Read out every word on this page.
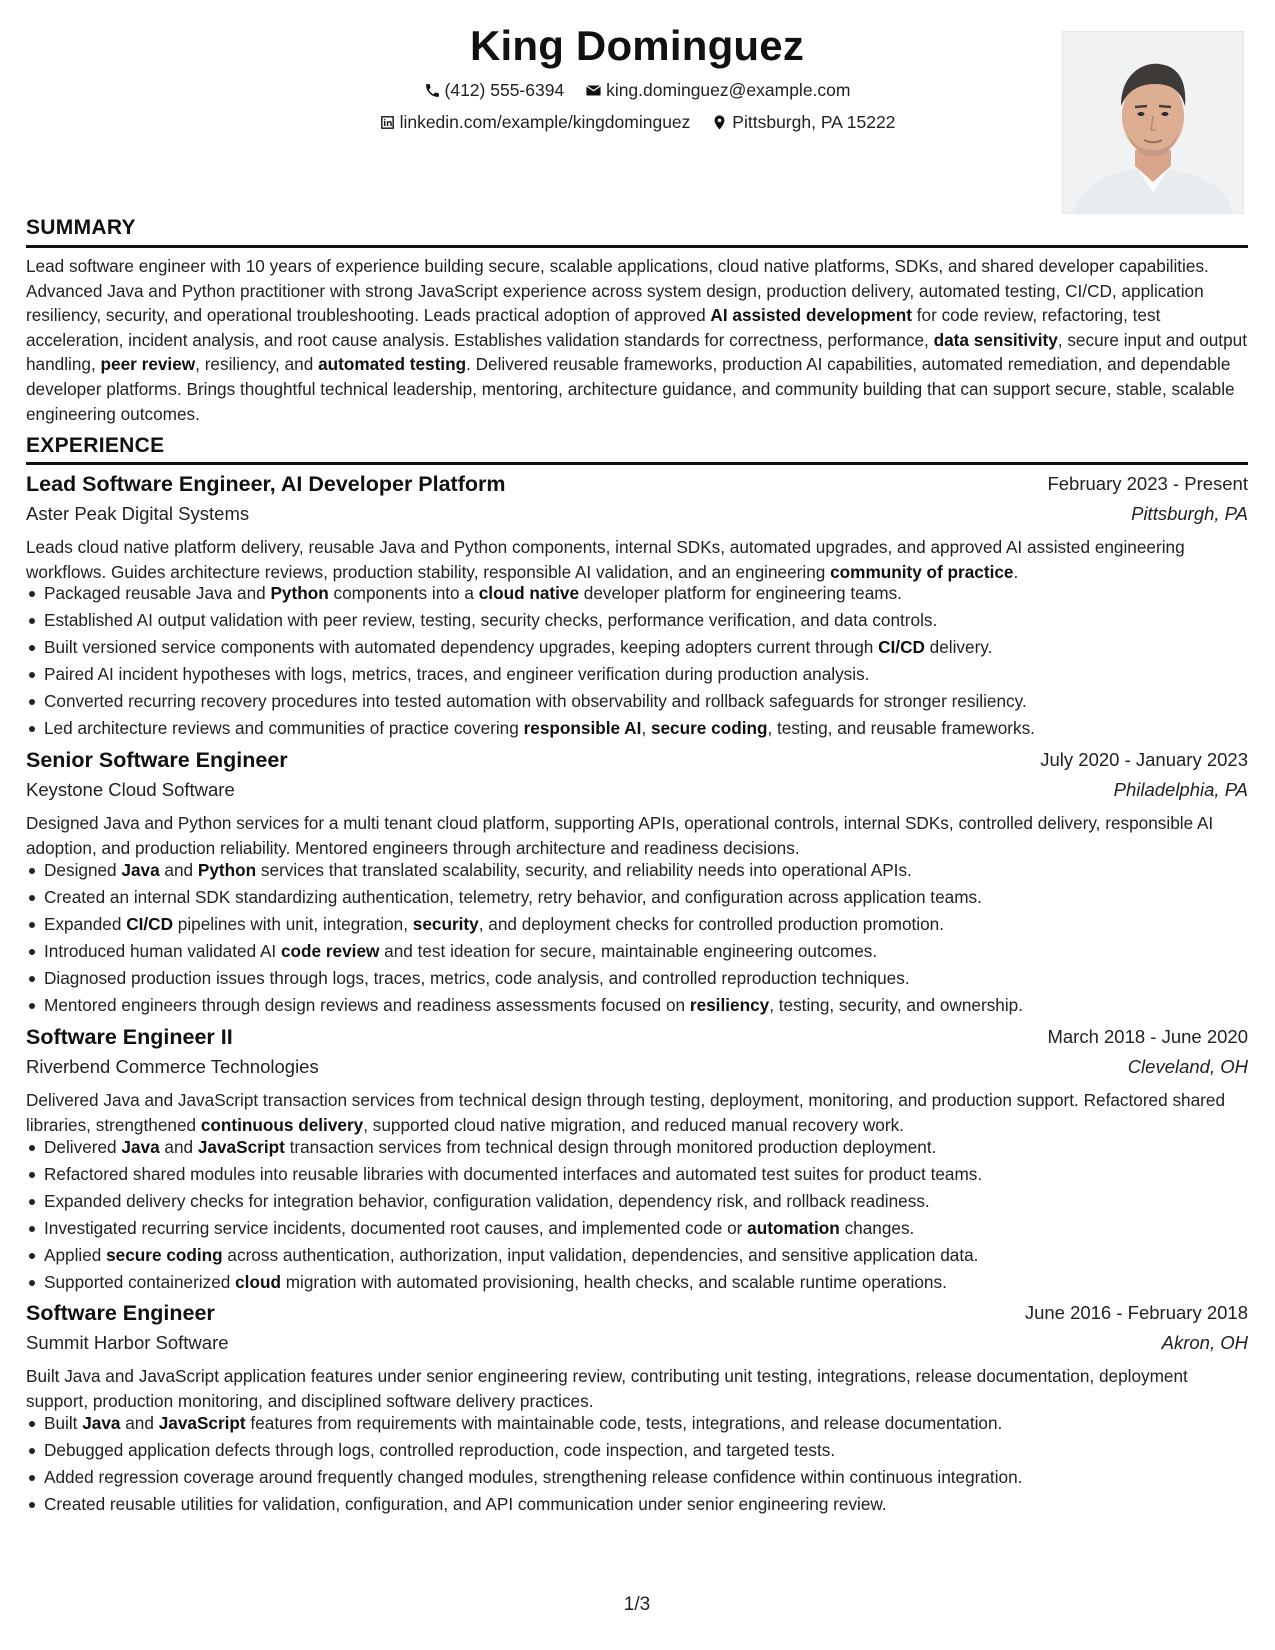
King Dominguez
(412) 555-6394
king.dominguez@example.com
linkedin.com/example/kingdominguez
Pittsburgh, PA 15222
SUMMARY
Lead software engineer with 10 years of experience building secure, scalable applications, cloud native platforms, SDKs, and shared developer capabilities. Advanced Java and Python practitioner with strong JavaScript experience across system design, production delivery, automated testing, CI/CD, application resiliency, security, and operational troubleshooting. Leads practical adoption of approved AI assisted development for code review, refactoring, test acceleration, incident analysis, and root cause analysis. Establishes validation standards for correctness, performance, data sensitivity, secure input and output handling, peer review, resiliency, and automated testing. Delivered reusable frameworks, production AI capabilities, automated remediation, and dependable developer platforms. Brings thoughtful technical leadership, mentoring, architecture guidance, and community building that can support secure, stable, scalable engineering outcomes.
EXPERIENCE
Lead Software Engineer, AI Developer Platform	February 2023 - Present
Aster Peak Digital Systems	Pittsburgh, PA
Leads cloud native platform delivery, reusable Java and Python components, internal SDKs, automated upgrades, and approved AI assisted engineering workflows. Guides architecture reviews, production stability, responsible AI validation, and an engineering community of practice.
Packaged reusable Java and Python components into a cloud native developer platform for engineering teams.
Established AI output validation with peer review, testing, security checks, performance verification, and data controls.
Built versioned service components with automated dependency upgrades, keeping adopters current through CI/CD delivery.
Paired AI incident hypotheses with logs, metrics, traces, and engineer verification during production analysis.
Converted recurring recovery procedures into tested automation with observability and rollback safeguards for stronger resiliency.
Led architecture reviews and communities of practice covering responsible AI, secure coding, testing, and reusable frameworks.
Senior Software Engineer	July 2020 - January 2023
Keystone Cloud Software	Philadelphia, PA
Designed Java and Python services for a multi tenant cloud platform, supporting APIs, operational controls, internal SDKs, controlled delivery, responsible AI adoption, and production reliability. Mentored engineers through architecture and readiness decisions.
Designed Java and Python services that translated scalability, security, and reliability needs into operational APIs.
Created an internal SDK standardizing authentication, telemetry, retry behavior, and configuration across application teams.
Expanded CI/CD pipelines with unit, integration, security, and deployment checks for controlled production promotion.
Introduced human validated AI code review and test ideation for secure, maintainable engineering outcomes.
Diagnosed production issues through logs, traces, metrics, code analysis, and controlled reproduction techniques.
Mentored engineers through design reviews and readiness assessments focused on resiliency, testing, security, and ownership.
Software Engineer II	March 2018 - June 2020
Riverbend Commerce Technologies	Cleveland, OH
Delivered Java and JavaScript transaction services from technical design through testing, deployment, monitoring, and production support. Refactored shared libraries, strengthened continuous delivery, supported cloud native migration, and reduced manual recovery work.
Delivered Java and JavaScript transaction services from technical design through monitored production deployment.
Refactored shared modules into reusable libraries with documented interfaces and automated test suites for product teams.
Expanded delivery checks for integration behavior, configuration validation, dependency risk, and rollback readiness.
Investigated recurring service incidents, documented root causes, and implemented code or automation changes.
Applied secure coding across authentication, authorization, input validation, dependencies, and sensitive application data.
Supported containerized cloud migration with automated provisioning, health checks, and scalable runtime operations.
Software Engineer	June 2016 - February 2018
Summit Harbor Software	Akron, OH
Built Java and JavaScript application features under senior engineering review, contributing unit testing, integrations, release documentation, deployment support, production monitoring, and disciplined software delivery practices.
Built Java and JavaScript features from requirements with maintainable code, tests, integrations, and release documentation.
Debugged application defects through logs, controlled reproduction, code inspection, and targeted tests.
Added regression coverage around frequently changed modules, strengthening release confidence within continuous integration.
Created reusable utilities for validation, configuration, and API communication under senior engineering review.
1/3
